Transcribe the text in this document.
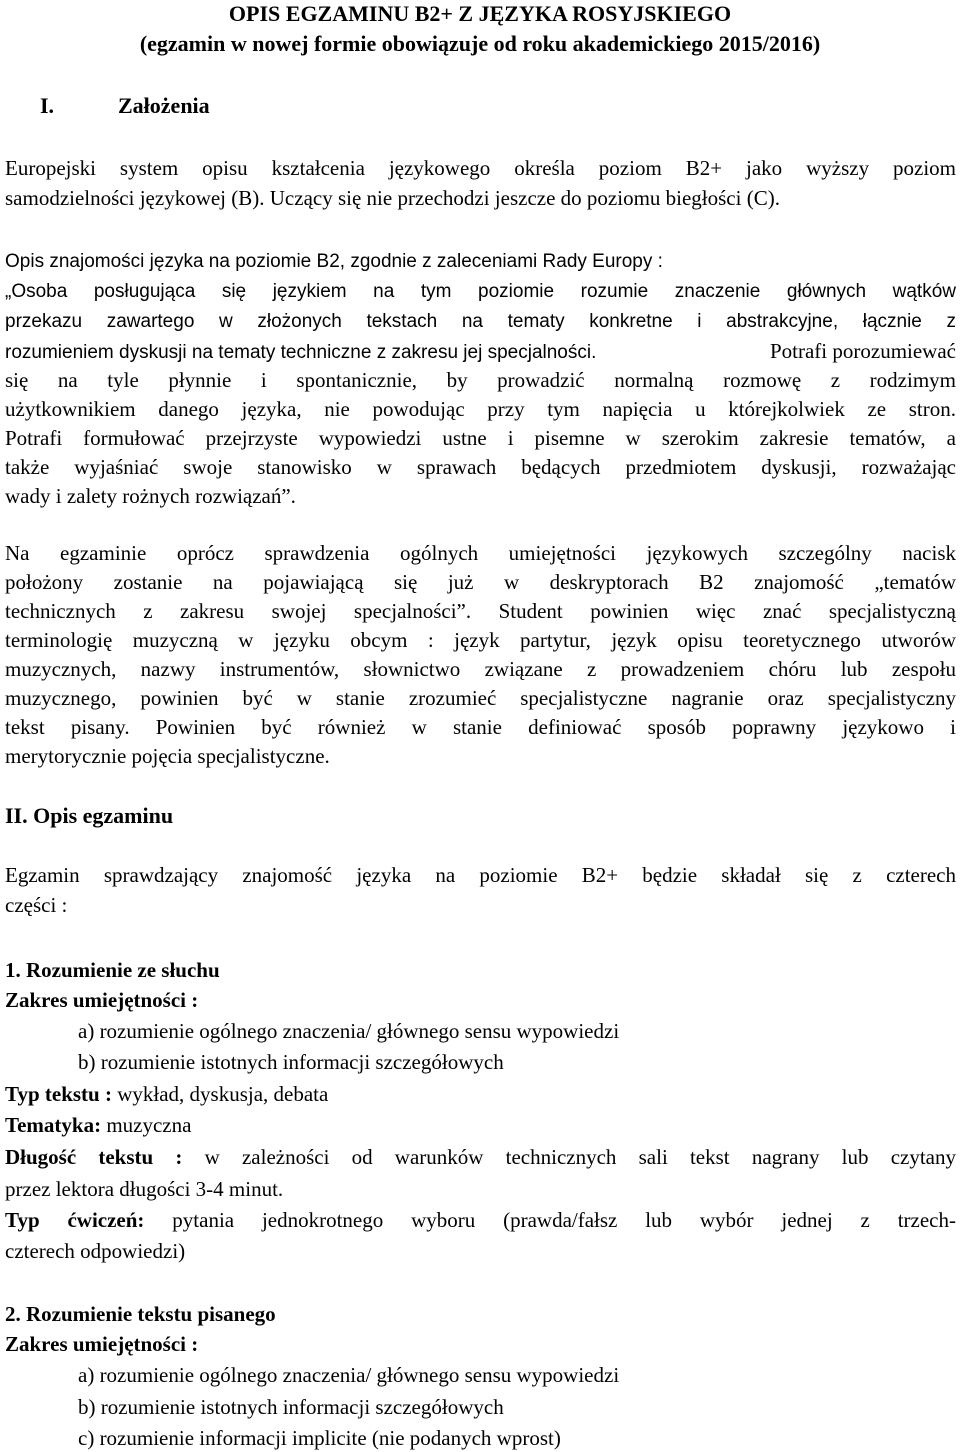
OPIS EGZAMINU B2+ Z JĘZYKA ROSYJSKIEGO
(egzamin w nowej formie obowiązuje od roku akademickiego 2015/2016)
I.	Założenia
Europejski system opisu kształcenia językowego określa poziom B2+ jako wyższy poziom
samodzielności językowej (B). Uczący się nie przechodzi jeszcze do poziomu biegłości (C).
Opis znajomości języka na poziomie B2, zgodnie z zaleceniami Rady Europy :
„Osoba posługująca się językiem na tym poziomie rozumie znaczenie głównych wątków
przekazu zawartego w złożonych tekstach na tematy konkretne i abstrakcyjne, łącznie z
rozumieniem dyskusji na tematy techniczne z zakresu jej specjalności.	Potrafi porozumiewać
się na tyle płynnie i spontanicznie, by prowadzić normalną rozmowę z rodzimym
użytkownikiem danego języka, nie powodując przy tym napięcia u którejkolwiek ze stron.
Potrafi formułować przejrzyste wypowiedzi ustne i pisemne w szerokim zakresie tematów, a
także wyjaśniać swoje stanowisko w sprawach będących przedmiotem dyskusji, rozważając
wady i zalety rożnych rozwiązań”.
Na egzaminie oprócz sprawdzenia ogólnych umiejętności językowych szczególny nacisk
położony zostanie na pojawiającą się już w deskryptorach B2 znajomość „tematów
technicznych z zakresu swojej specjalności”. Student powinien więc znać specjalistyczną
terminologię muzyczną w języku obcym : język partytur, język opisu teoretycznego utworów
muzycznych, nazwy instrumentów, słownictwo związane z prowadzeniem chóru lub zespołu
muzycznego, powinien być w stanie zrozumieć specjalistyczne nagranie oraz specjalistyczny
tekst pisany. Powinien być również w stanie definiować sposób poprawny językowo i
merytorycznie pojęcia specjalistyczne.
II. Opis egzaminu
Egzamin sprawdzający znajomość języka na poziomie B2+ będzie składał się z czterech
części :
1. Rozumienie ze słuchu
Zakres umiejętności :
a) rozumienie ogólnego znaczenia/ głównego sensu wypowiedzi
b) rozumienie istotnych informacji szczegółowych
Typ tekstu : wykład, dyskusja, debata
Tematyka: muzyczna
Długość tekstu : w zależności od warunków technicznych sali tekst nagrany lub czytany
przez lektora długości 3-4 minut.
Typ ćwiczeń: pytania jednokrotnego wyboru (prawda/fałsz lub wybór jednej z trzech-
czterech odpowiedzi)
2. Rozumienie tekstu pisanego
Zakres umiejętności :
a) rozumienie ogólnego znaczenia/ głównego sensu wypowiedzi
b) rozumienie istotnych informacji szczegółowych
c) rozumienie informacji implicite (nie podanych wprost)
